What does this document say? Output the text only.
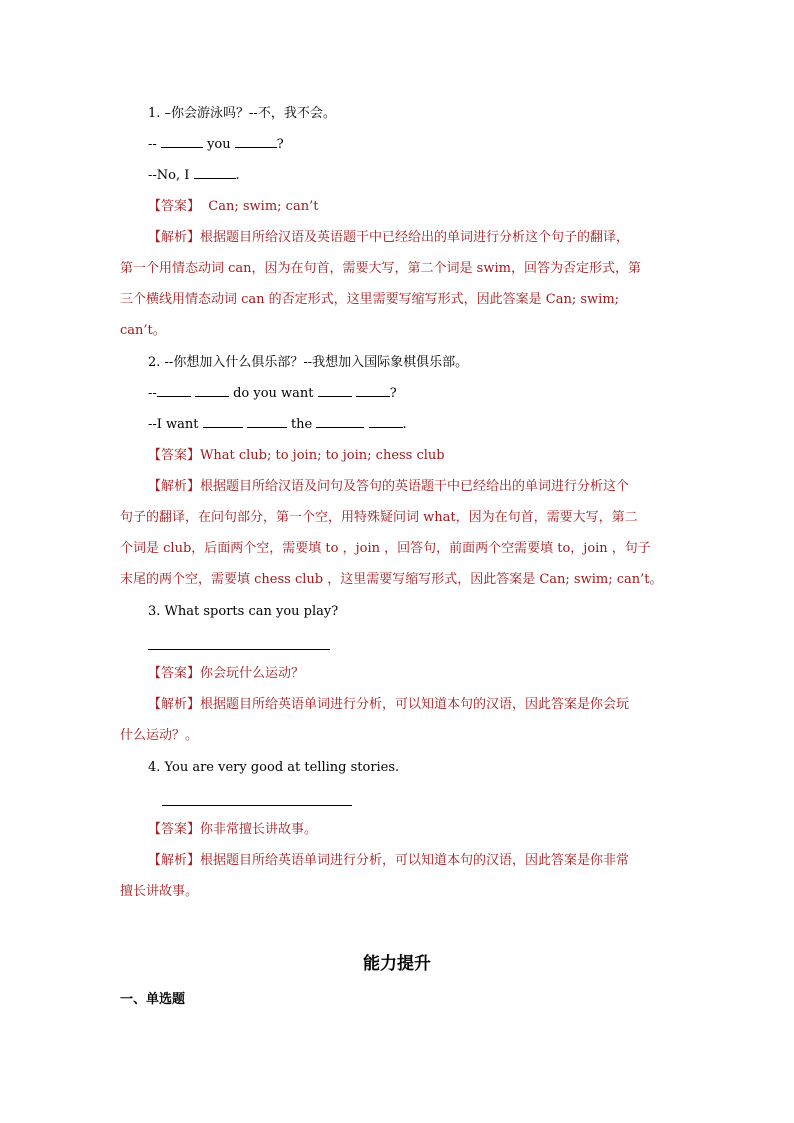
1. –你会游泳吗？--不，我不会。
--	you	?
--No, I	.
【答案】 Can; swim; can’t
【解析】根据题目所给汉语及英语题干中已经给出的单词进行分析这个句子的翻译，
第一个用情态动词 can，因为在句首，需要大写，第二个词是 swim，回答为否定形式，第
三个横线用情态动词 can 的否定形式，这里需要写缩写形式，因此答案是 Can; swim;
can’t。
2. --你想加入什么俱乐部？--我想加入国际象棋俱乐部。
--	do you want	?
--I want	the	.
【答案】What club; to join; to join; chess club
【解析】根据题目所给汉语及问句及答句的英语题干中已经给出的单词进行分析这个
句子的翻译，在问句部分，第一个空，用特殊疑问词 what，因为在句首，需要大写，第二
个词是 club，后面两个空，需要填 to ，join ，回答句，前面两个空需要填 to，join ，句子
末尾的两个空，需要填 chess club ，这里需要写缩写形式，因此答案是 Can; swim; can’t。
3. What sports can you play?
【答案】你会玩什么运动？
【解析】根据题目所给英语单词进行分析，可以知道本句的汉语，因此答案是你会玩
什么运动？。
4. You are very good at telling stories.
【答案】你非常擅长讲故事。
【解析】根据题目所给英语单词进行分析，可以知道本句的汉语，因此答案是你非常
擅长讲故事。
能力提升
一、单选题
